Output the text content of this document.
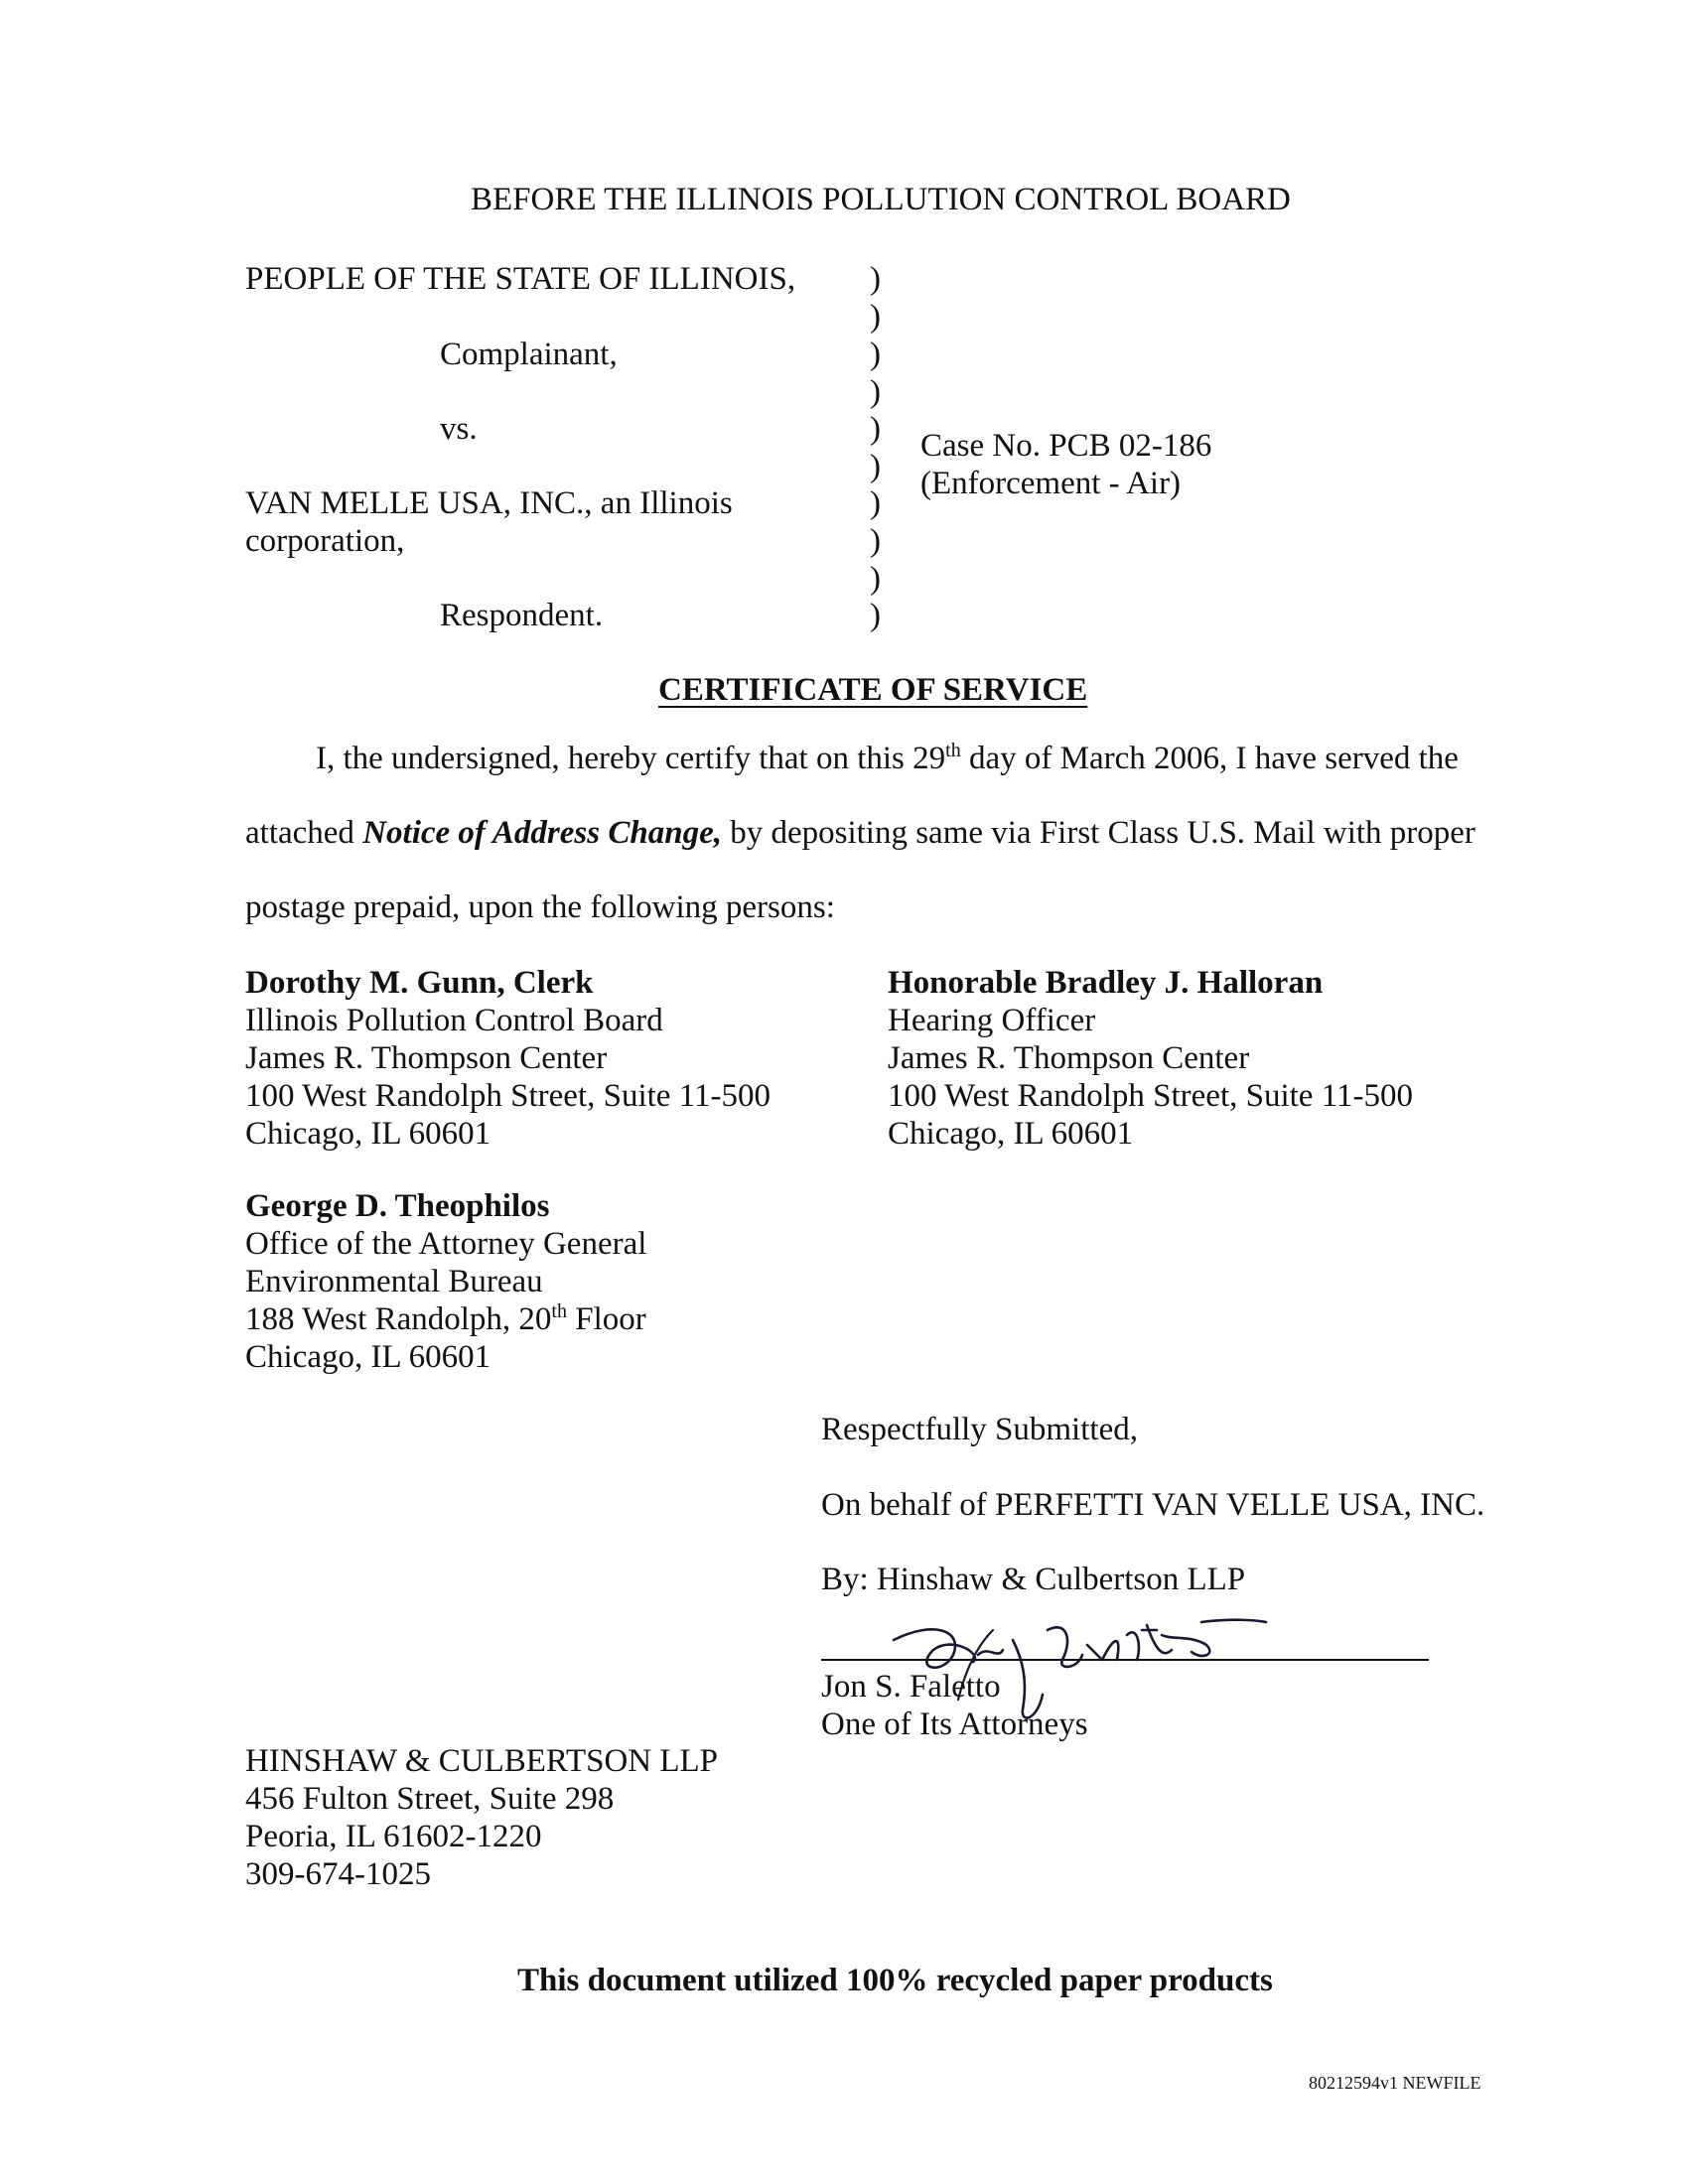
BEFORE THE ILLINOIS POLLUTION CONTROL BOARD
PEOPLE OF THE STATE OF ILLINOIS,
Complainant,
vs.
VAN MELLE USA, INC., an Illinois
corporation,
Respondent.
)
)
)
)
)
)
)
)
)
)
Case No. PCB 02-186
(Enforcement - Air)
CERTIFICATE OF SERVICE
I, the undersigned, hereby certify that on this 29th day of March 2006, I have served the
attached Notice of Address Change, by depositing same via First Class U.S. Mail with proper
postage prepaid, upon the following persons:
Dorothy M. Gunn, Clerk
Illinois Pollution Control Board
James R. Thompson Center
100 West Randolph Street, Suite 11-500
Chicago, IL 60601
Honorable Bradley J. Halloran
Hearing Officer
James R. Thompson Center
100 West Randolph Street, Suite 11-500
Chicago, IL 60601
George D. Theophilos
Office of the Attorney General
Environmental Bureau
188 West Randolph, 20th Floor
Chicago, IL 60601
Respectfully Submitted,
On behalf of PERFETTI VAN VELLE USA, INC.
By: Hinshaw & Culbertson LLP
Jon S. Faletto
One of Its Attorneys
HINSHAW & CULBERTSON LLP
456 Fulton Street, Suite 298
Peoria, IL 61602-1220
309-674-1025
This document utilized 100% recycled paper products
80212594v1 NEWFILE
